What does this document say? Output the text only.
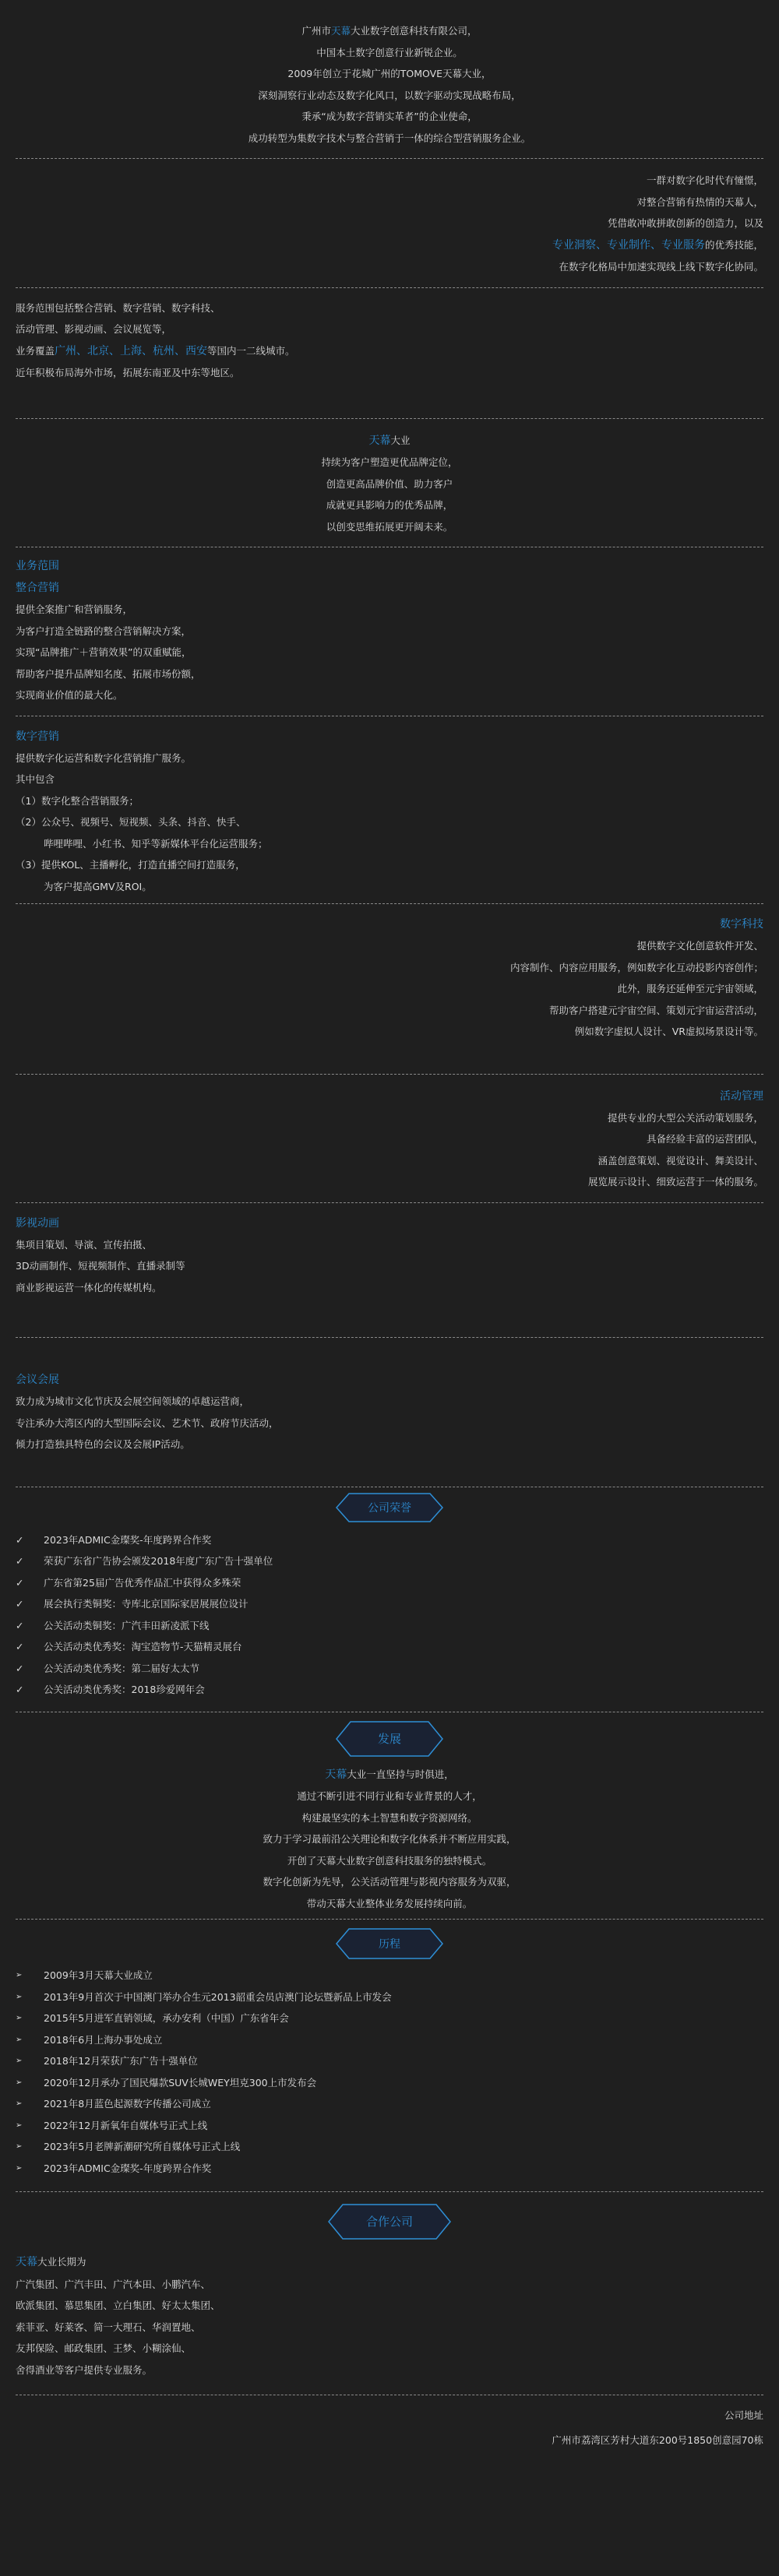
广州市天幕大业数字创意科技有限公司，

中国本土数字创意行业新锐企业。

2009年创立于花城广州的TOMOVE天幕大业，

深刻洞察行业动态及数字化风口，以数字驱动实现战略布局，

秉承“成为数字营销实革者”的企业使命，

成功转型为集数字技术与整合营销于一体的综合型营销服务企业。

一群对数字化时代有憧憬，

对整合营销有热情的天幕人，

凭借敢冲敢拼敢创新的创造力，以及

专业洞察、专业制作、专业服务的优秀技能，

在数字化格局中加速实现线上线下数字化协同。

服务范围包括整合营销、数字营销、数字科技、

活动管理、影视动画、会议展览等，

业务覆盖广州、北京、上海、杭州、西安等国内一二线城市。

近年积极布局海外市场，拓展东南亚及中东等地区。

天幕大业

持续为客户塑造更优品牌定位，

创造更高品牌价值、助力客户

成就更具影响力的优秀品牌，

以创变思维拓展更开阔未来。

业务范围

整合营销

提供全案推广和营销服务，

为客户打造全链路的整合营销解决方案，

实现“品牌推广＋营销效果”的双重赋能，

帮助客户提升品牌知名度、拓展市场份额，

实现商业价值的最大化。

数字营销

提供数字化运营和数字化营销推广服务。

其中包含

（1）数字化整合营销服务；

（2）公众号、视频号、短视频、头条、抖音、快手、

哔哩哔哩、小红书、知乎等新媒体平台化运营服务；

（3）提供KOL、主播孵化，打造直播空间打造服务，

为客户提高GMV及ROI。

数字科技

提供数字文化创意软件开发、

内容制作、内容应用服务，例如数字化互动投影内容创作；

此外，服务还延伸至元宇宙领域，

帮助客户搭建元宇宙空间、策划元宇宙运营活动，

例如数字虚拟人设计、VR虚拟场景设计等。

活动管理

提供专业的大型公关活动策划服务，

具备经验丰富的运营团队，

涵盖创意策划、视觉设计、舞美设计、

展览展示设计、细致运营于一体的服务。

影视动画

集项目策划、导演、宣传拍摄、

3D动画制作、短视频制作、直播录制等

商业影视运营一体化的传媒机构。

会议会展

致力成为城市文化节庆及会展空间领域的卓越运营商，

专注承办大湾区内的大型国际会议、艺术节、政府节庆活动，

倾力打造独具特色的会议及会展IP活动。

公司荣誉
✓	2023年ADMIC金璨奖-年度跨界合作奖
✓	荣获广东省广告协会颁发2018年度广东广告十强单位
✓	广东省第25届广告优秀作品汇中获得众多殊荣
✓	展会执行类铜奖：寺库北京国际家居展展位设计
✓	公关活动类铜奖：广汽丰田新凌派下线
✓	公关活动类优秀奖：淘宝造物节-天猫精灵展台
✓	公关活动类优秀奖：第二届好太太节
✓	公关活动类优秀奖：2018珍爱网年会
发展

天幕大业一直坚持与时俱进，

通过不断引进不同行业和专业背景的人才，

构建最坚实的本土智慧和数字资源网络。

致力于学习最前沿公关理论和数字化体系并不断应用实践，

开创了天幕大业数字创意科技服务的独特模式。

数字化创新为先导，公关活动管理与影视内容服务为双驱，

带动天幕大业整体业务发展持续向前。

历程
➢	2009年3月天幕大业成立
➢	2013年9月首次于中国澳门举办合生元2013韶重会员店澳门论坛暨新品上市发会
➢	2015年5月进军直销领域，承办安利（中国）广东省年会
➢	2018年6月上海办事处成立
➢	2018年12月荣获广东广告十强单位
➢	2020年12月承办了国民爆款SUV长城WEY坦克300上市发布会
➢	2021年8月蓝色起源数字传播公司成立
➢	2022年12月新氧年自媒体号正式上线
➢	2023年5月老牌新潮研究所自媒体号正式上线
➢	2023年ADMIC金璨奖-年度跨界合作奖
合作公司

天幕大业长期为

广汽集团、广汽丰田、广汽本田、小鹏汽车、

欧派集团、慕思集团、立白集团、好太太集团、

索菲亚、好莱客、简一大理石、华润置地、

友邦保险、邮政集团、王梦、小糊涂仙、

舍得酒业等客户提供专业服务。

公司地址

广州市荔湾区芳村大道东200号1850创意园70栋
